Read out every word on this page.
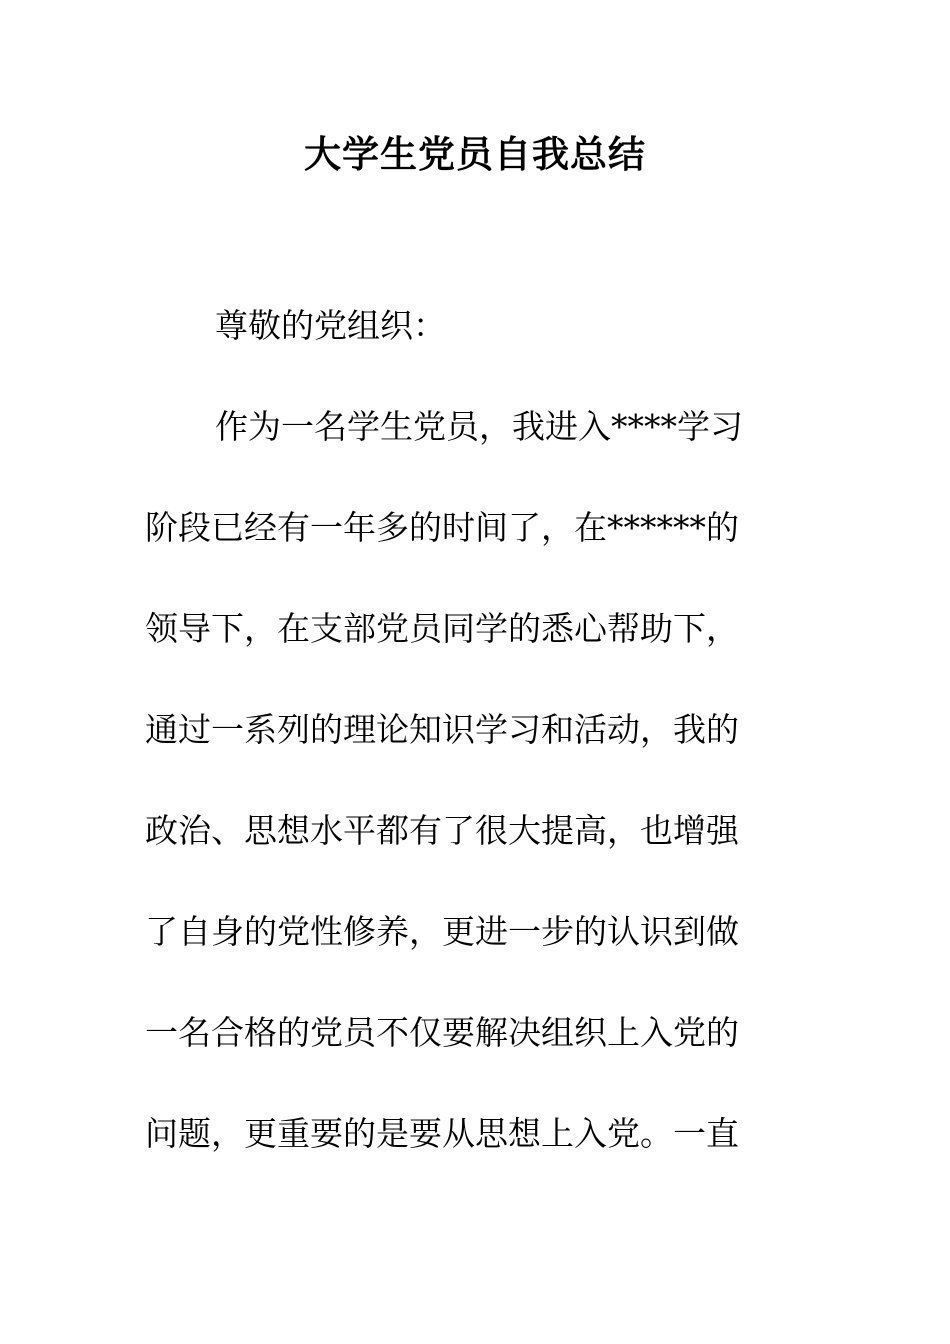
大学生党员自我总结
尊敬的党组织：
作为一名学生党员，我进入****学习
阶段已经有一年多的时间了，在******的
领导下，在支部党员同学的悉心帮助下，
通过一系列的理论知识学习和活动，我的
政治、思想水平都有了很大提高，也增强
了自身的党性修养，更进一步的认识到做
一名合格的党员不仅要解决组织上入党的
问题，更重要的是要从思想上入党。一直
